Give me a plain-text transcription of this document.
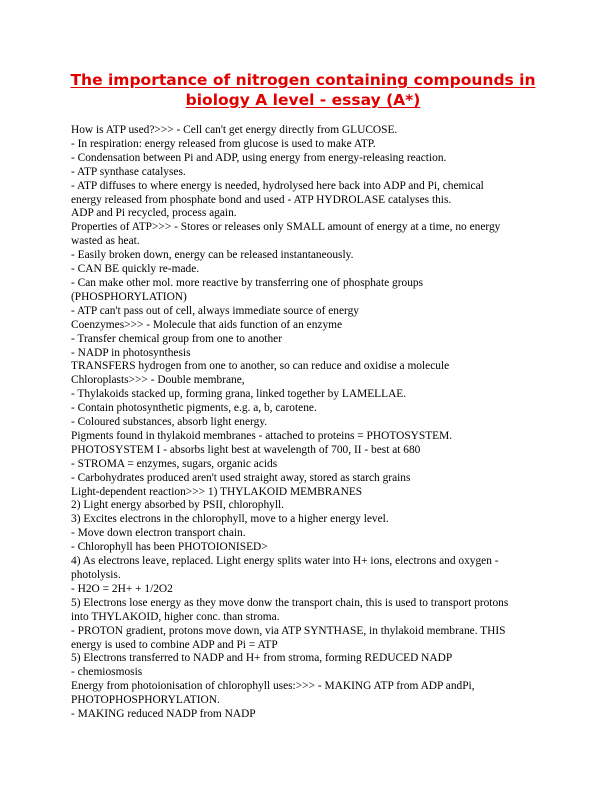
The importance of nitrogen containing compounds in
biology A level - essay (A*)
How is ATP used?>>> - Cell can't get energy directly from GLUCOSE.
- In respiration: energy released from glucose is used to make ATP.
- Condensation between Pi and ADP, using energy from energy-releasing reaction.
- ATP synthase catalyses.
- ATP diffuses to where energy is needed, hydrolysed here back into ADP and Pi, chemical
energy released from phosphate bond and used - ATP HYDROLASE catalyses this.
ADP and Pi recycled, process again.
Properties of ATP>>> - Stores or releases only SMALL amount of energy at a time, no energy
wasted as heat.
- Easily broken down, energy can be released instantaneously.
- CAN BE quickly re-made.
- Can make other mol. more reactive by transferring one of phosphate groups
(PHOSPHORYLATION)
- ATP can't pass out of cell, always immediate source of energy
Coenzymes>>> - Molecule that aids function of an enzyme
- Transfer chemical group from one to another
- NADP in photosynthesis
TRANSFERS hydrogen from one to another, so can reduce and oxidise a molecule
Chloroplasts>>> - Double membrane,
- Thylakoids stacked up, forming grana, linked together by LAMELLAE.
- Contain photosynthetic pigments, e.g. a, b, carotene.
- Coloured substances, absorb light energy.
Pigments found in thylakoid membranes - attached to proteins = PHOTOSYSTEM.
PHOTOSYSTEM I - absorbs light best at wavelength of 700, II - best at 680
- STROMA = enzymes, sugars, organic acids
- Carbohydrates produced aren't used straight away, stored as starch grains
Light-dependent reaction>>> 1) THYLAKOID MEMBRANES
2) Light energy absorbed by PSII, chlorophyll.
3) Excites electrons in the chlorophyll, move to a higher energy level.
- Move down electron transport chain.
- Chlorophyll has been PHOTOIONISED>
4) As electrons leave, replaced. Light energy splits water into H+ ions, electrons and oxygen -
photolysis.
- H2O = 2H+ + 1/2O2
5) Electrons lose energy as they move donw the transport chain, this is used to transport protons
into THYLAKOID, higher conc. than stroma.
- PROTON gradient, protons move down, via ATP SYNTHASE, in thylakoid membrane. THIS
energy is used to combine ADP and Pi = ATP
5) Electrons transferred to NADP and H+ from stroma, forming REDUCED NADP
- chemiosmosis
Energy from photoionisation of chlorophyll uses:>>> - MAKING ATP from ADP andPi,
PHOTOPHOSPHORYLATION.
- MAKING reduced NADP from NADP
